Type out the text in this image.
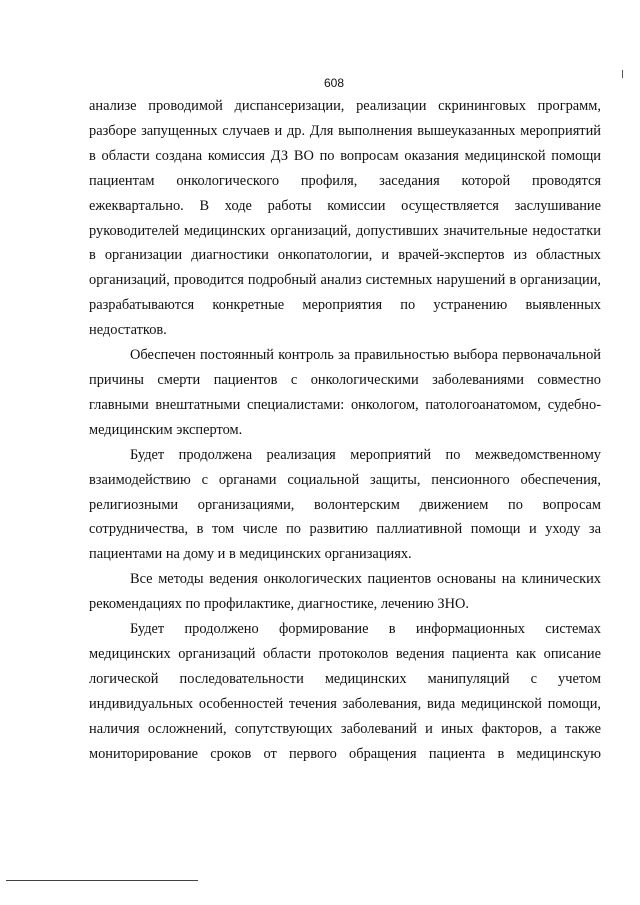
608

анализе проводимой диспансеризации, реализации скрининговых программ, разборе запущенных случаев и др. Для выполнения вышеуказанных мероприятий в области создана комиссия ДЗ ВО по вопросам оказания медицинской помощи пациентам онкологического профиля, заседания которой проводятся ежеквартально. В ходе работы комиссии осуществляется заслушивание руководителей медицинских организаций, допустивших значительные недостатки в организации диагностики онкопатологии, и врачей-экспертов из областных организаций, проводится подробный анализ системных нарушений в организации, разрабатываются конкретные мероприятия по устранению выявленных недостатков.

Обеспечен постоянный контроль за правильностью выбора первоначальной причины смерти пациентов с онкологическими заболеваниями совместно главными внештатными специалистами: онкологом, патологоанатомом, судебно-медицинским экспертом.

Будет продолжена реализация мероприятий по межведомственному взаимодействию с органами социальной защиты, пенсионного обеспечения, религиозными организациями, волонтерским движением по вопросам сотрудничества, в том числе по развитию паллиативной помощи и уходу за пациентами на дому и в медицинских организациях.

Все методы ведения онкологических пациентов основаны на клинических рекомендациях по профилактике, диагностике, лечению ЗНО.

Будет продолжено формирование в информационных системах медицинских организаций области протоколов ведения пациента как описание логической последовательности медицинских манипуляций с учетом индивидуальных особенностей течения заболевания, вида медицинской помощи, наличия осложнений, сопутствующих заболеваний и иных факторов, а также мониторирование сроков от первого обращения пациента в медицинскую
